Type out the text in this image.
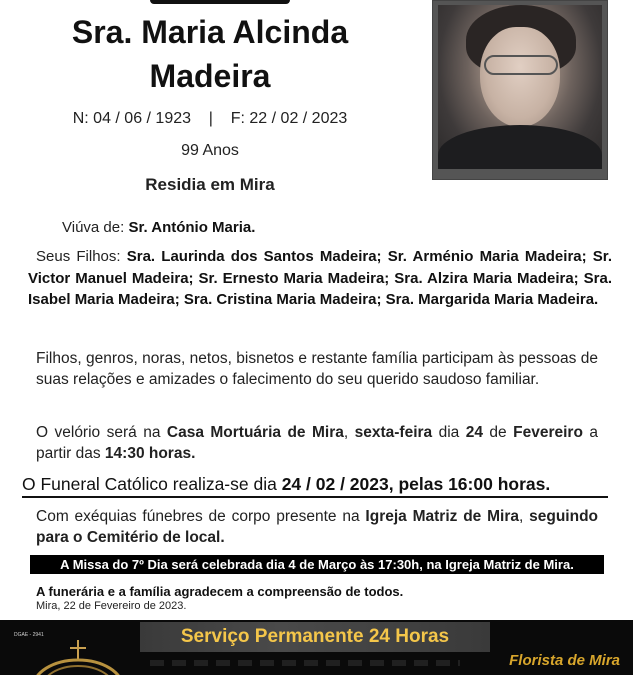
Sra. Maria Alcinda
Madeira
N: 04 / 06 / 1923    |    F: 22 / 02 / 2023
99 Anos
Residia em Mira
Viúva de: Sr. António Maria.
Seus Filhos: Sra. Laurinda dos Santos Madeira; Sr. Arménio Maria Madeira; Sr. Victor Manuel Madeira; Sr. Ernesto Maria Madeira; Sra. Alzira Maria Madeira; Sra. Isabel Maria Madeira; Sra. Cristina Maria Madeira; Sra. Margarida Maria Madeira.
Filhos, genros, noras, netos, bisnetos e restante família participam às pessoas de suas relações e amizades o falecimento do seu querido saudoso familiar.
O velório será na Casa Mortuária de Mira, sexta-feira dia 24 de Fevereiro a partir das 14:30 horas.
O Funeral Católico realiza-se dia 24 / 02 / 2023, pelas 16:00 horas.
Com exéquias fúnebres de corpo presente na Igreja Matriz de Mira, seguindo para o Cemitério de local.
A Missa do 7º Dia será celebrada dia 4 de Março às 17:30h, na Igreja Matriz de Mira.
A funerária e a família agradecem a compreensão de todos.
Mira, 22 de Fevereiro de 2023.
DGAE - 2941	Serviço Permanente 24 Horas
Florista de Mira
